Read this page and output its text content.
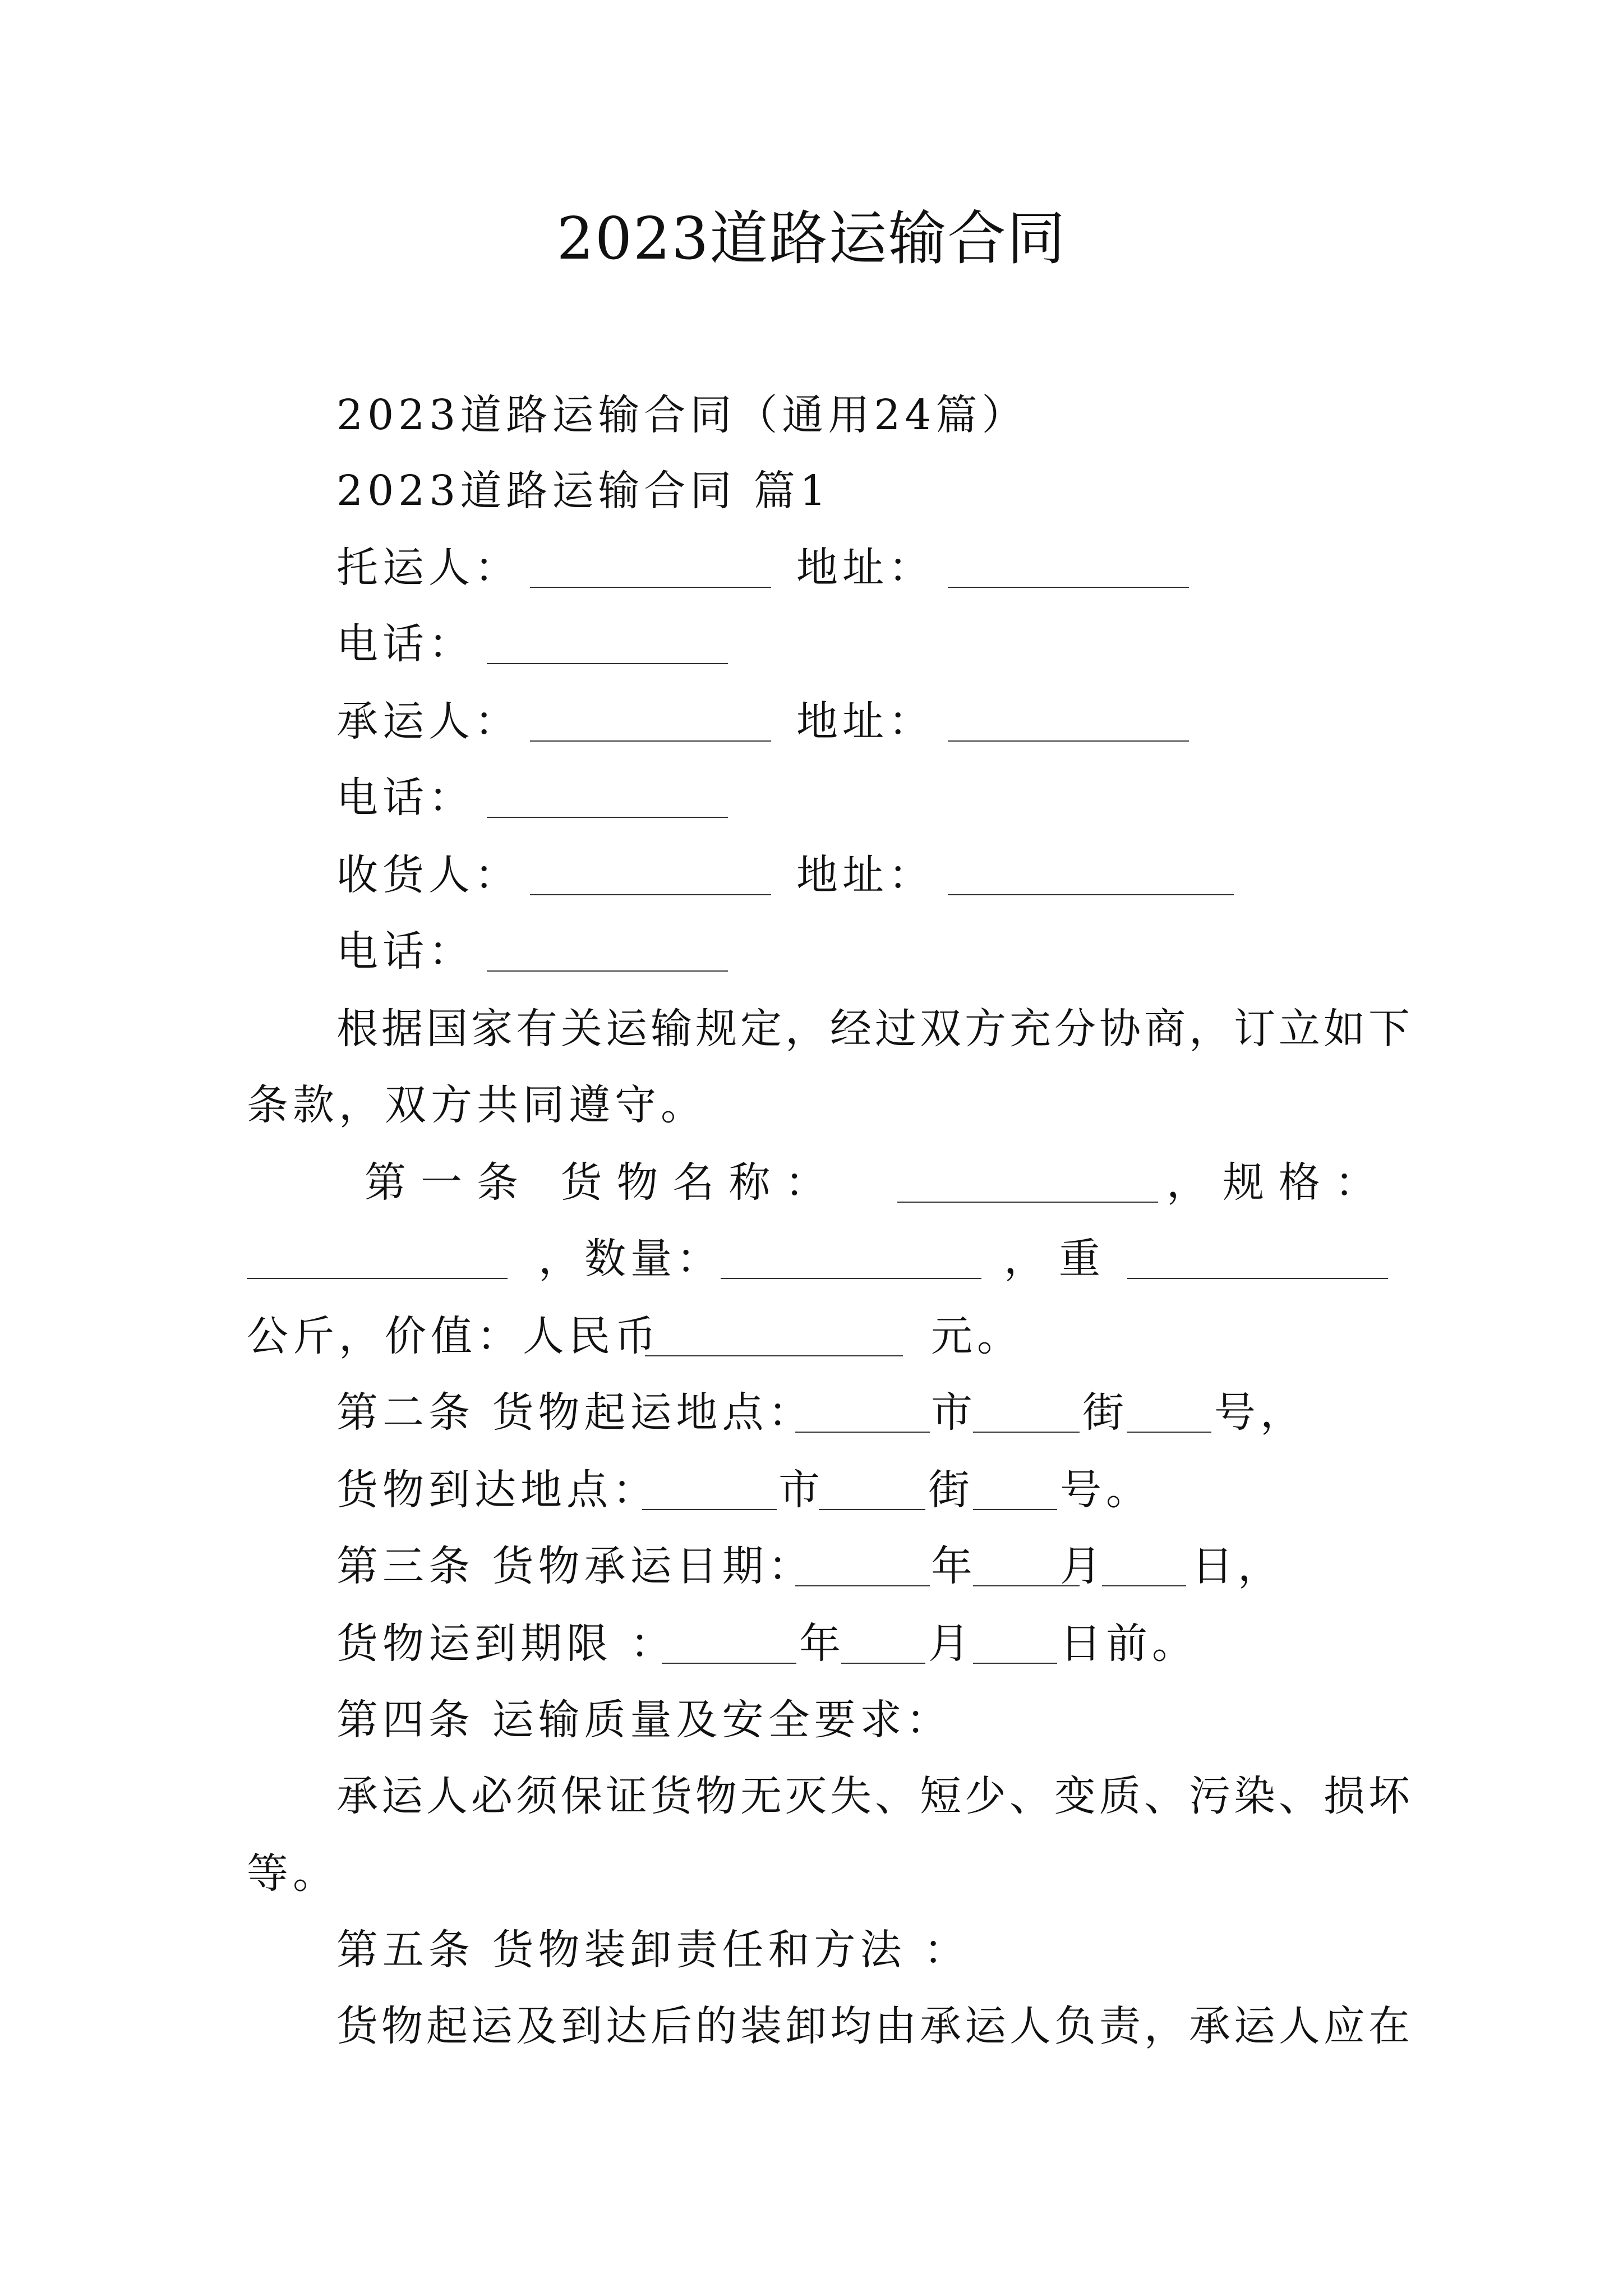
2023道路运输合同
2023道路运输合同（通用24篇）
2023道路运输合同 篇1
托运人：	地址：
电话：
承运人：	地址：
电话：
收货人：	地址：
电话：
根据国家有关运输规定，经过双方充分协商，订立如下
条款，双方共同遵守。
第一条 货物名称：	，规格：
，数量：	，重
公斤，价值：人民币	元。
第二条 货物起运地点：	市	街 号，
货物到达地点：	市	街 号。
第三条 货物承运日期：	年 月 日，
货物运到期限 ：	年 月 日前。
第四条 运输质量及安全要求：
承运人必须保证货物无灭失、短少、变质、污染、损坏
等。
第五条 货物装卸责任和方法 ：
货物起运及到达后的装卸均由承运人负责，承运人应在
